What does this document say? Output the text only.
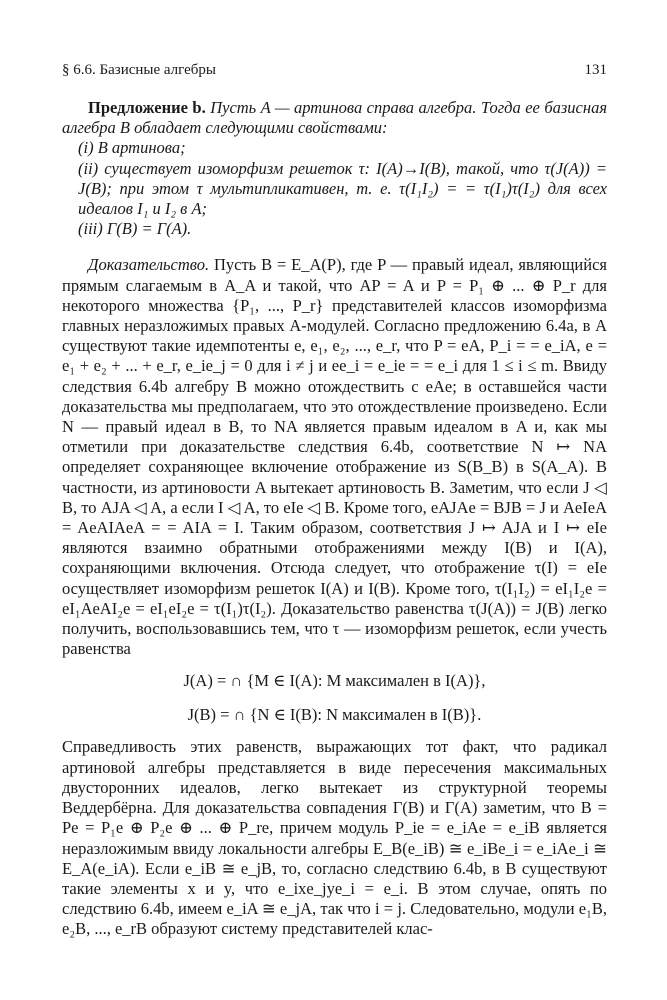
§ 6.6. Базисные алгебры	131

Предложение b. Пусть A — артинова справа алгебра. Тогда ее базисная алгебра B обладает следующими свойствами:

(i) B артинова;

(ii) существует изоморфизм решеток τ: I(A)→I(B), такой, что τ(J(A)) = J(B); при этом τ мультипликативен, т. е. τ(I₁I₂) = = τ(I₁)τ(I₂) для всех идеалов I₁ и I₂ в A;

(iii) Γ(B) = Γ(A).

Доказательство. Пусть B = E_A(P), где P — правый идеал, являющийся прямым слагаемым в A_A и такой, что AP = A и P = P₁ ⊕ ... ⊕ P_r для некоторого множества {P₁, ..., P_r} представителей классов изоморфизма главных неразложимых правых A-модулей. Согласно предложению 6.4a, в A существуют такие идемпотенты e, e₁, e₂, ..., e_r, что P = eA, P_i = = e_iA, e = e₁ + e₂ + ... + e_r, e_ie_j = 0 для i ≠ j и ee_i = e_ie = = e_i для 1 ≤ i ≤ m. Ввиду следствия 6.4b алгебру B можно отождествить с eAe; в оставшейся части доказательства мы предполагаем, что это отождествление произведено. Если N — правый идеал в B, то NA является правым идеалом в A и, как мы отметили при доказательстве следствия 6.4b, соответствие N ↦ NA определяет сохраняющее включение отображение из S(B_B) в S(A_A). В частности, из артиновости A вытекает артиновость B. Заметим, что если J ◁ B, то AJA ◁ A, а если I ◁ A, то eIe ◁ B. Кроме того, eAJAe = BJB = J и AeIeA = AeAIAeA = = AIA = I. Таким образом, соответствия J ↦ AJA и I ↦ eIe являются взаимно обратными отображениями между I(B) и I(A), сохраняющими включения. Отсюда следует, что отображение τ(I) = eIe осуществляет изоморфизм решеток I(A) и I(B). Кроме того, τ(I₁I₂) = eI₁I₂e = eI₁AeAI₂e = eI₁eI₂e = τ(I₁)τ(I₂). Доказательство равенства τ(J(A)) = J(B) легко получить, воспользовавшись тем, что τ — изоморфизм решеток, если учесть равенства

J(A) = ∩ {M ∈ I(A): M максимален в I(A)},
J(B) = ∩ {N ∈ I(B): N максимален в I(B)}.

Справедливость этих равенств, выражающих тот факт, что радикал артиновой алгебры представляется в виде пересечения максимальных двусторонних идеалов, легко вытекает из структурной теоремы Веддербёрна. Для доказательства совпадения Γ(B) и Γ(A) заметим, что B = Pe = P₁e ⊕ P₂e ⊕ ... ⊕ P_re, причем модуль P_ie = e_iAe = e_iB является неразложимым ввиду локальности алгебры E_B(e_iB) ≅ e_iBe_i = e_iAe_i ≅ E_A(e_iA). Если e_iB ≅ e_jB, то, согласно следствию 6.4b, в B существуют такие элементы x и y, что e_ixe_jye_i = e_i. В этом случае, опять по следствию 6.4b, имеем e_iA ≅ e_jA, так что i = j. Следовательно, модули e₁B, e₂B, ..., e_rB образуют систему представителей клас-
